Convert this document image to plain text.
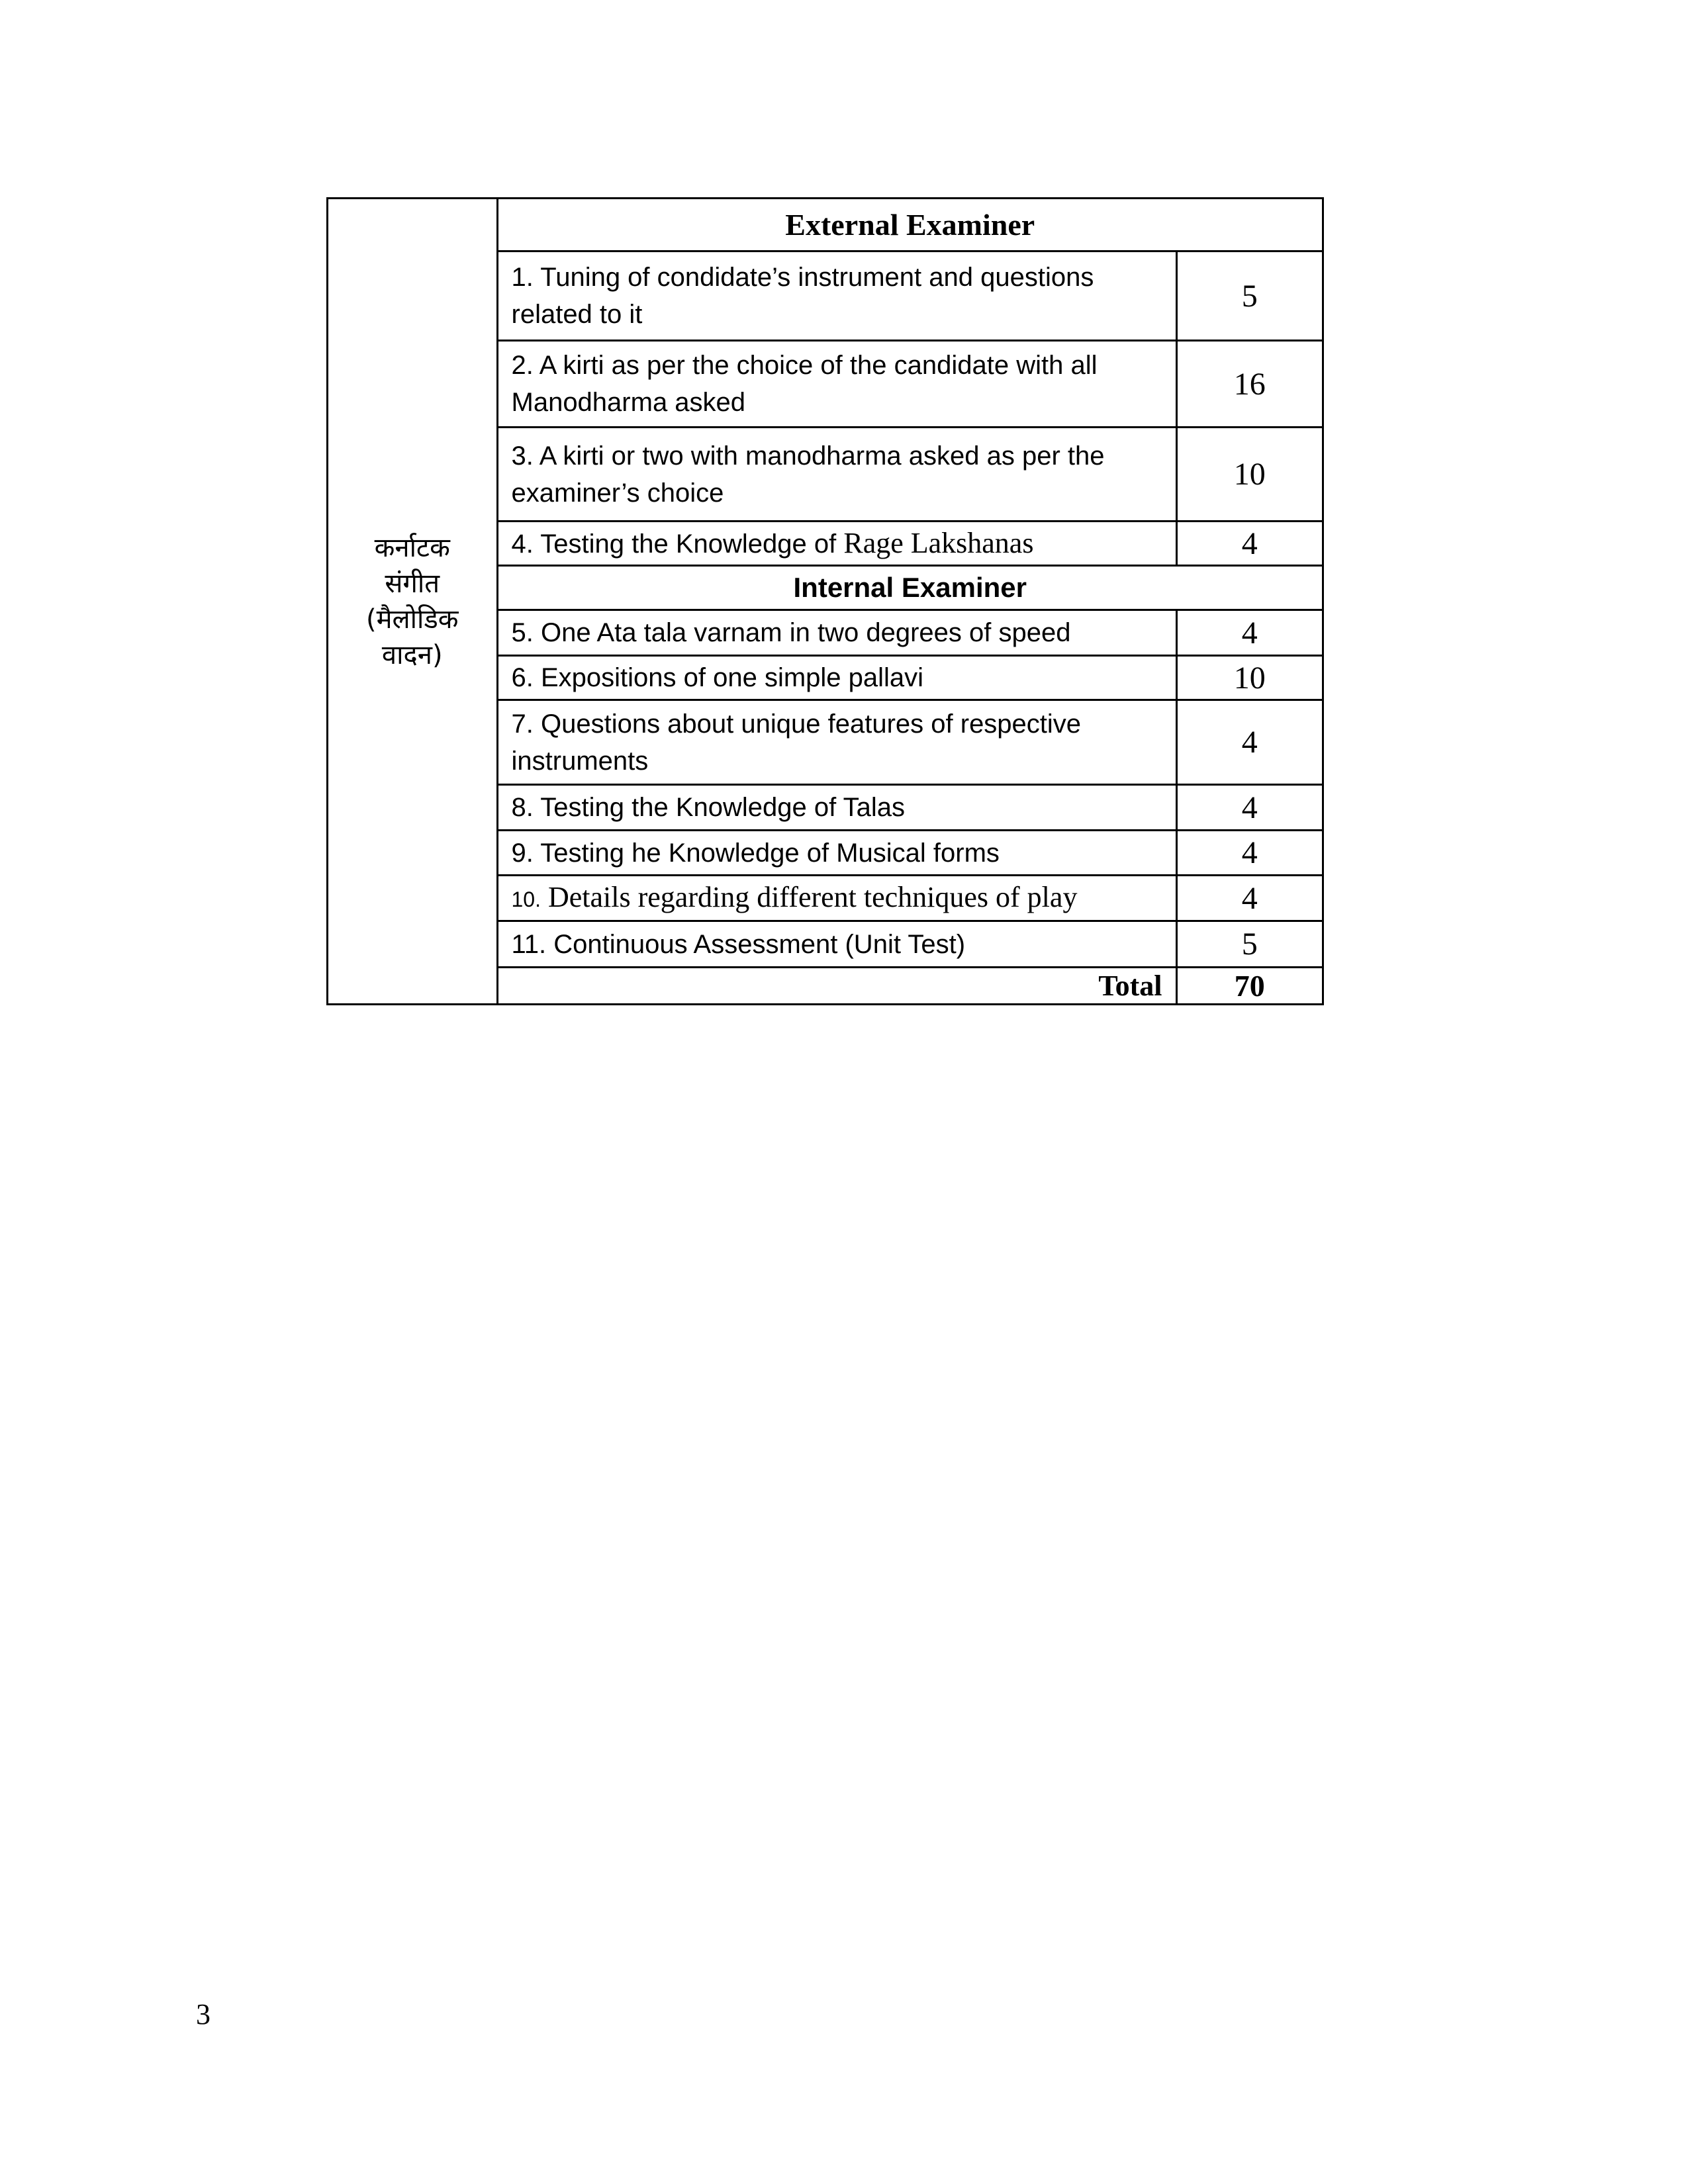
कर्नाटक
संगीत
(मैलोडिक
वादन)	External Examiner	
	1. Tuning of condidate’s instrument and questions related to it	5
	2. A kirti as per the choice of the candidate with all Manodharma asked	16
	3. A kirti or two with manodharma asked as per the examiner’s choice	10
	4. Testing the Knowledge of Rage Lakshanas	4
	Internal Examiner	
	5. One Ata tala varnam in two degrees of speed	4
	6. Expositions of one simple pallavi	10
	7. Questions about unique features of respective instruments	4
	8. Testing the Knowledge of Talas	4
	9. Testing he Knowledge of Musical forms	4
	10. Details regarding different techniques of play	4
	11. Continuous Assessment (Unit Test)	5
	Total	70
3
